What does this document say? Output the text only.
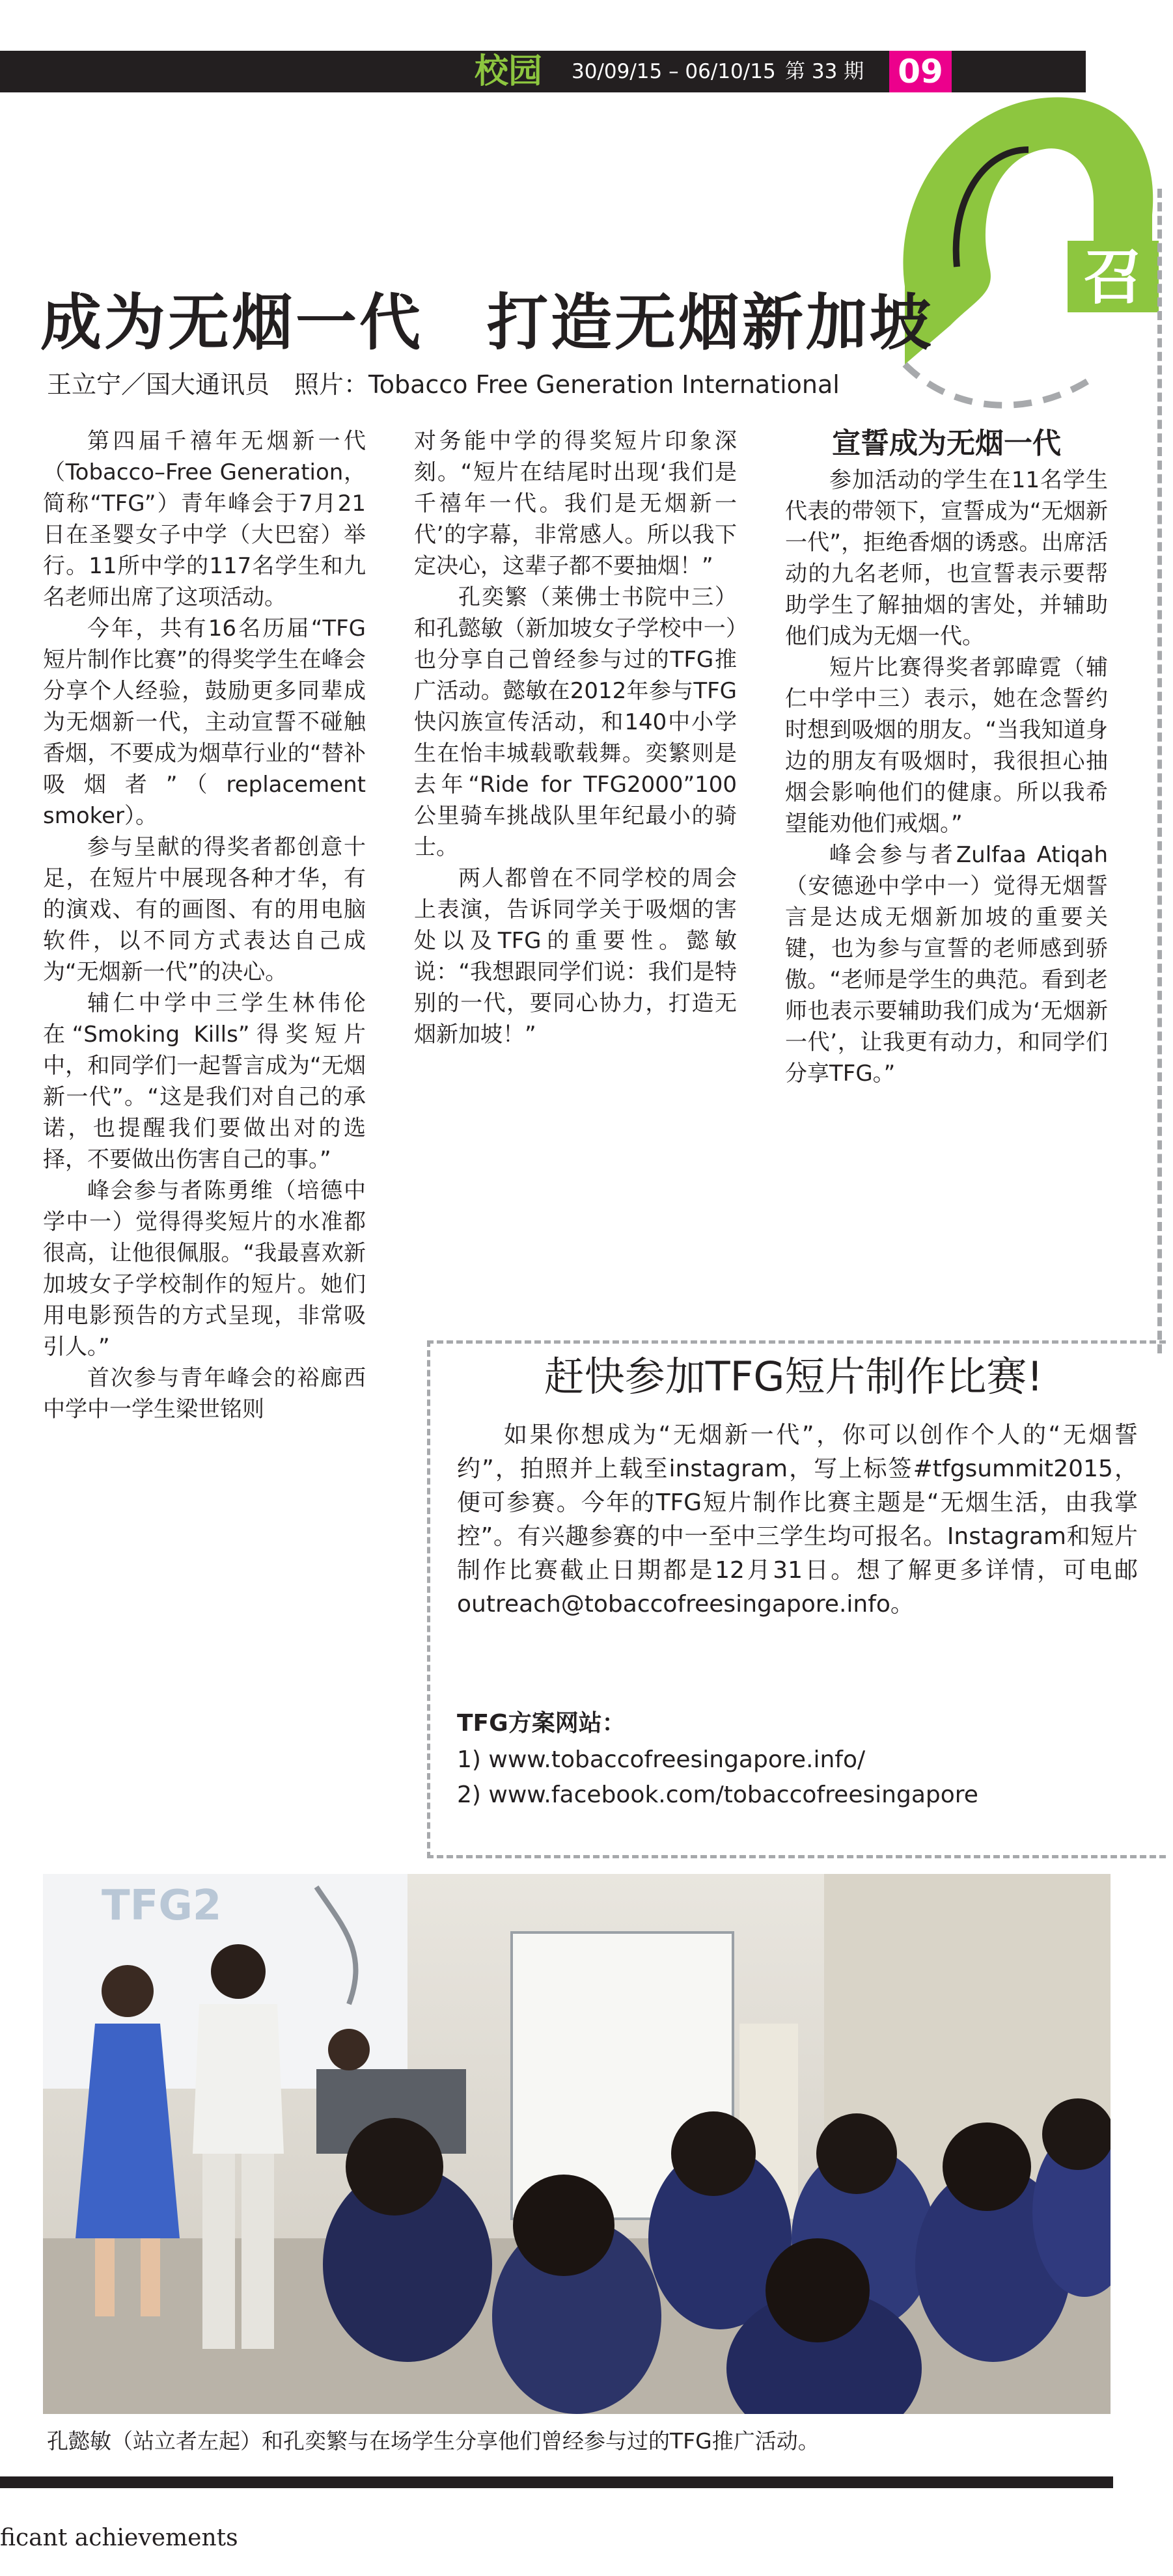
校园 30/09/15 – 06/10/15 第 33 期 09
召
成为无烟一代　打造无烟新加坡
王立宁／国大通讯员　照片：Tobacco Free Generation International

第四届千禧年无烟新一代（Tobacco–Free Generation，简称“TFG”）青年峰会于7月21日在圣婴女子中学（大巴窑）举行。11所中学的117名学生和九名老师出席了这项活动。

今年，共有16名历届“TFG短片制作比赛”的得奖学生在峰会分享个人经验，鼓励更多同辈成为无烟新一代，主动宣誓不碰触香烟，不要成为烟草行业的“替补吸烟者”（replacement smoker）。

参与呈献的得奖者都创意十足，在短片中展现各种才华，有的演戏、有的画图、有的用电脑软件，以不同方式表达自己成为“无烟新一代”的决心。

辅仁中学中三学生林伟伦在“Smoking Kills”得奖短片中，和同学们一起誓言成为“无烟新一代”。“这是我们对自己的承诺，也提醒我们要做出对的选择，不要做出伤害自己的事。”

峰会参与者陈勇维（培德中学中一）觉得得奖短片的水准都很高，让他很佩服。“我最喜欢新加坡女子学校制作的短片。她们用电影预告的方式呈现，非常吸引人。”

首次参与青年峰会的裕廊西中学中一学生梁世铭则

对务能中学的得奖短片印象深刻。“短片在结尾时出现‘我们是千禧年一代。我们是无烟新一代’的字幕，非常感人。所以我下定决心，这辈子都不要抽烟！”

孔奕繁（莱佛士书院中三）和孔懿敏（新加坡女子学校中一）也分享自己曾经参与过的TFG推广活动。懿敏在2012年参与TFG快闪族宣传活动，和140中小学生在怡丰城载歌载舞。奕繁则是去年“Ride for TFG2000”100公里骑车挑战队里年纪最小的骑士。

两人都曾在不同学校的周会上表演，告诉同学关于吸烟的害处以及TFG的重要性。懿敏说：“我想跟同学们说：我们是特别的一代，要同心协力，打造无烟新加坡！”

宣誓成为无烟一代

参加活动的学生在11名学生代表的带领下，宣誓成为“无烟新一代”，拒绝香烟的诱惑。出席活动的九名老师，也宣誓表示要帮助学生了解抽烟的害处，并辅助他们成为无烟一代。

短片比赛得奖者郭暐霓（辅仁中学中三）表示，她在念誓约时想到吸烟的朋友。“当我知道身边的朋友有吸烟时，我很担心抽烟会影响他们的健康。所以我希望能劝他们戒烟。”

峰会参与者Zulfaa Atiqah（安德逊中学中一）觉得无烟誓言是达成无烟新加坡的重要关键，也为参与宣誓的老师感到骄傲。“老师是学生的典范。看到老师也表示要辅助我们成为‘无烟新一代’，让我更有动力，和同学们分享TFG。”

赶快参加TFG短片制作比赛!

如果你想成为“无烟新一代”，你可以创作个人的“无烟誓约”，拍照并上载至instagram，写上标签#tfgsummit2015，便可参赛。今年的TFG短片制作比赛主题是“无烟生活，由我掌控”。有兴趣参赛的中一至中三学生均可报名。Instagram和短片制作比赛截止日期都是12月31日。想了解更多详情，可电邮outreach@tobaccofreesingapore.info。

TFG方案网站：
1) www.tobaccofreesingapore.info/
2) www.facebook.com/tobaccofreesingapore
TFG2
孔懿敏（站立者左起）和孔奕繁与在场学生分享他们曾经参与过的TFG推广活动。
ficant achievements
